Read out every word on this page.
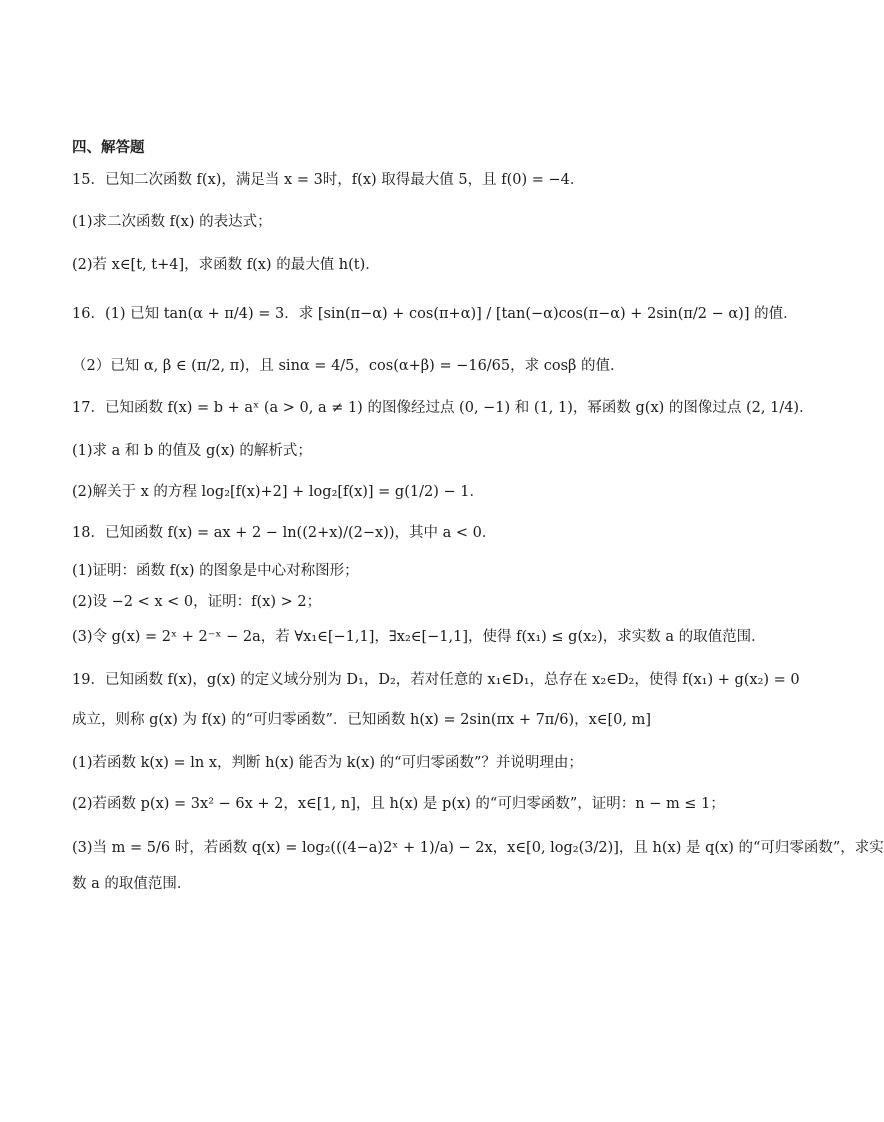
四、解答题
15．已知二次函数 f(x)，满足当 x = 3时，f(x) 取得最大值 5，且 f(0) = −4．
(1)求二次函数 f(x) 的表达式；
(2)若 x∈[t, t+4]，求函数 f(x) 的最大值 h(t)．
16．(1) 已知 tan(α + π/4) = 3．求 [sin(π−α) + cos(π+α)] / [tan(−α)cos(π−α) + 2sin(π/2 − α)] 的值．
（2）已知 α, β ∈ (π/2, π)，且 sinα = 4/5，cos(α+β) = −16/65，求 cosβ 的值．
17．已知函数 f(x) = b + aˣ (a > 0, a ≠ 1) 的图像经过点 (0, −1) 和 (1, 1)，幂函数 g(x) 的图像过点 (2, 1/4)．
(1)求 a 和 b 的值及 g(x) 的解析式；
(2)解关于 x 的方程 log₂[f(x)+2] + log₂[f(x)] = g(1/2) − 1．
18．已知函数 f(x) = ax + 2 − ln((2+x)/(2−x))，其中 a < 0．
(1)证明：函数 f(x) 的图象是中心对称图形；
(2)设 −2 < x < 0，证明：f(x) > 2；
(3)令 g(x) = 2ˣ + 2⁻ˣ − 2a，若 ∀x₁∈[−1,1]，∃x₂∈[−1,1]，使得 f(x₁) ≤ g(x₂)，求实数 a 的取值范围．
19．已知函数 f(x)，g(x) 的定义域分别为 D₁，D₂，若对任意的 x₁∈D₁，总存在 x₂∈D₂，使得 f(x₁) + g(x₂) = 0
成立，则称 g(x) 为 f(x) 的“可归零函数”．已知函数 h(x) = 2sin(πx + 7π/6)，x∈[0, m]
(1)若函数 k(x) = ln x，判断 h(x) 能否为 k(x) 的“可归零函数”？并说明理由；
(2)若函数 p(x) = 3x² − 6x + 2，x∈[1, n]，且 h(x) 是 p(x) 的“可归零函数”，证明：n − m ≤ 1；
(3)当 m = 5/6 时，若函数 q(x) = log₂(((4−a)2ˣ + 1)/a) − 2x，x∈[0, log₂(3/2)]，且 h(x) 是 q(x) 的“可归零函数”，求实
数 a 的取值范围．
